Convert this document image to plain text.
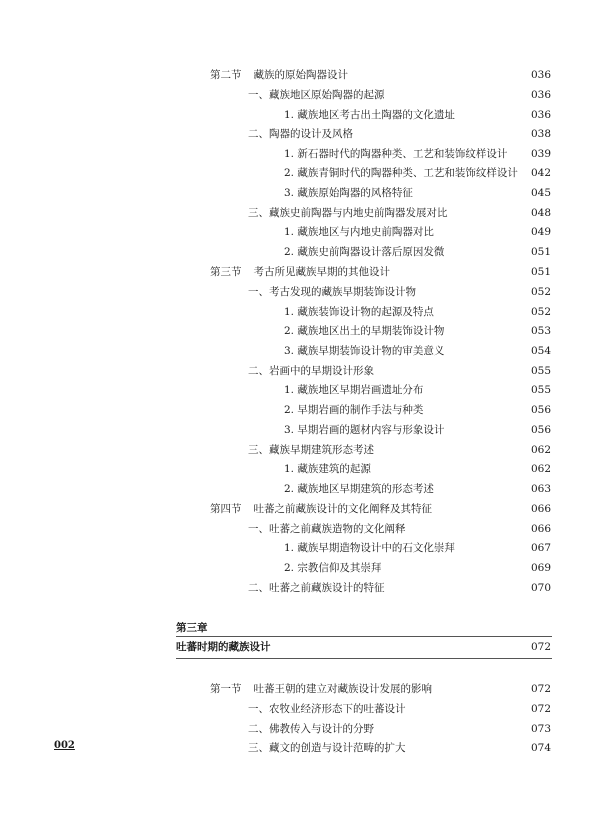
第二节 藏族的原始陶器设计	036
一、藏族地区原始陶器的起源	036
1. 藏族地区考古出土陶器的文化遗址	036
二、陶器的设计及风格	038
1. 新石器时代的陶器种类、工艺和装饰纹样设计	039
2. 藏族青铜时代的陶器种类、工艺和装饰纹样设计	042
3. 藏族原始陶器的风格特征	045
三、藏族史前陶器与内地史前陶器发展对比	048
1. 藏族地区与内地史前陶器对比	049
2. 藏族史前陶器设计落后原因发微	051
第三节 考古所见藏族早期的其他设计	051
一、考古发现的藏族早期装饰设计物	052
1. 藏族装饰设计物的起源及特点	052
2. 藏族地区出土的早期装饰设计物	053
3. 藏族早期装饰设计物的审美意义	054
二、岩画中的早期设计形象	055
1. 藏族地区早期岩画遗址分布	055
2. 早期岩画的制作手法与种类	056
3. 早期岩画的题材内容与形象设计	056
三、藏族早期建筑形态考述	062
1. 藏族建筑的起源	062
2. 藏族地区早期建筑的形态考述	063
第四节 吐蕃之前藏族设计的文化阐释及其特征	066
一、吐蕃之前藏族造物的文化阐释	066
1. 藏族早期造物设计中的石文化崇拜	067
2. 宗教信仰及其崇拜	069
二、吐蕃之前藏族设计的特征	070
第三章
吐蕃时期的藏族设计	072
第一节 吐蕃王朝的建立对藏族设计发展的影响	072
一、农牧业经济形态下的吐蕃设计	072
二、佛教传入与设计的分野	073
三、藏文的创造与设计范畴的扩大	074
002
